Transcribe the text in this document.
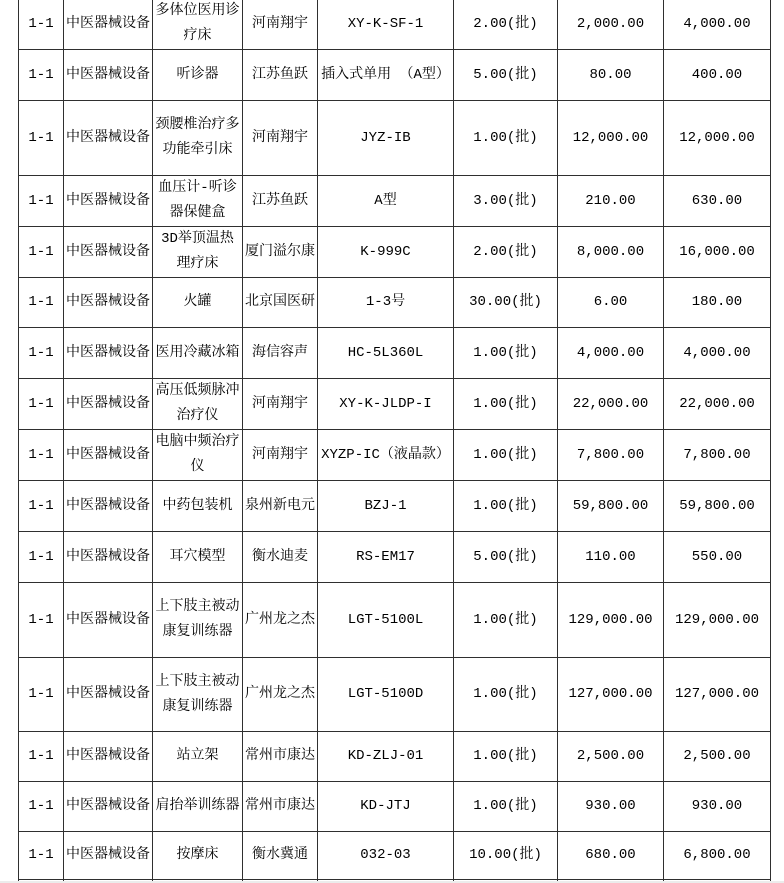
1-1	中医器械设备	多体位医用诊疗床	河南翔宇	XY-K-SF-1	2.00(批)	2,000.00	4,000.00
1-1	中医器械设备	听诊器	江苏鱼跃	插入式单用 （A型）	5.00(批)	80.00	400.00
1-1	中医器械设备	颈腰椎治疗多功能牵引床	河南翔宇	JYZ-IB	1.00(批)	12,000.00	12,000.00
1-1	中医器械设备	血压计-听诊器保健盒	江苏鱼跃	A型	3.00(批)	210.00	630.00
1-1	中医器械设备	3D举顶温热理疗床	厦门溢尔康	K-999C	2.00(批)	8,000.00	16,000.00
1-1	中医器械设备	火罐	北京国医研	1-3号	30.00(批)	6.00	180.00
1-1	中医器械设备	医用冷藏冰箱	海信容声	HC-5L360L	1.00(批)	4,000.00	4,000.00
1-1	中医器械设备	高压低频脉冲治疗仪	河南翔宇	XY-K-JLDP-I	1.00(批)	22,000.00	22,000.00
1-1	中医器械设备	电脑中频治疗仪	河南翔宇	XYZP-IC（液晶款）	1.00(批)	7,800.00	7,800.00
1-1	中医器械设备	中药包装机	泉州新电元	BZJ-1	1.00(批)	59,800.00	59,800.00
1-1	中医器械设备	耳穴模型	衡水迪麦	RS-EM17	5.00(批)	110.00	550.00
1-1	中医器械设备	上下肢主被动康复训练器	广州龙之杰	LGT-5100L	1.00(批)	129,000.00	129,000.00
1-1	中医器械设备	上下肢主被动康复训练器	广州龙之杰	LGT-5100D	1.00(批)	127,000.00	127,000.00
1-1	中医器械设备	站立架	常州市康达	KD-ZLJ-01	1.00(批)	2,500.00	2,500.00
1-1	中医器械设备	肩抬举训练器	常州市康达	KD-JTJ	1.00(批)	930.00	930.00
1-1	中医器械设备	按摩床	衡水冀通	032-03	10.00(批)	680.00	6,800.00
